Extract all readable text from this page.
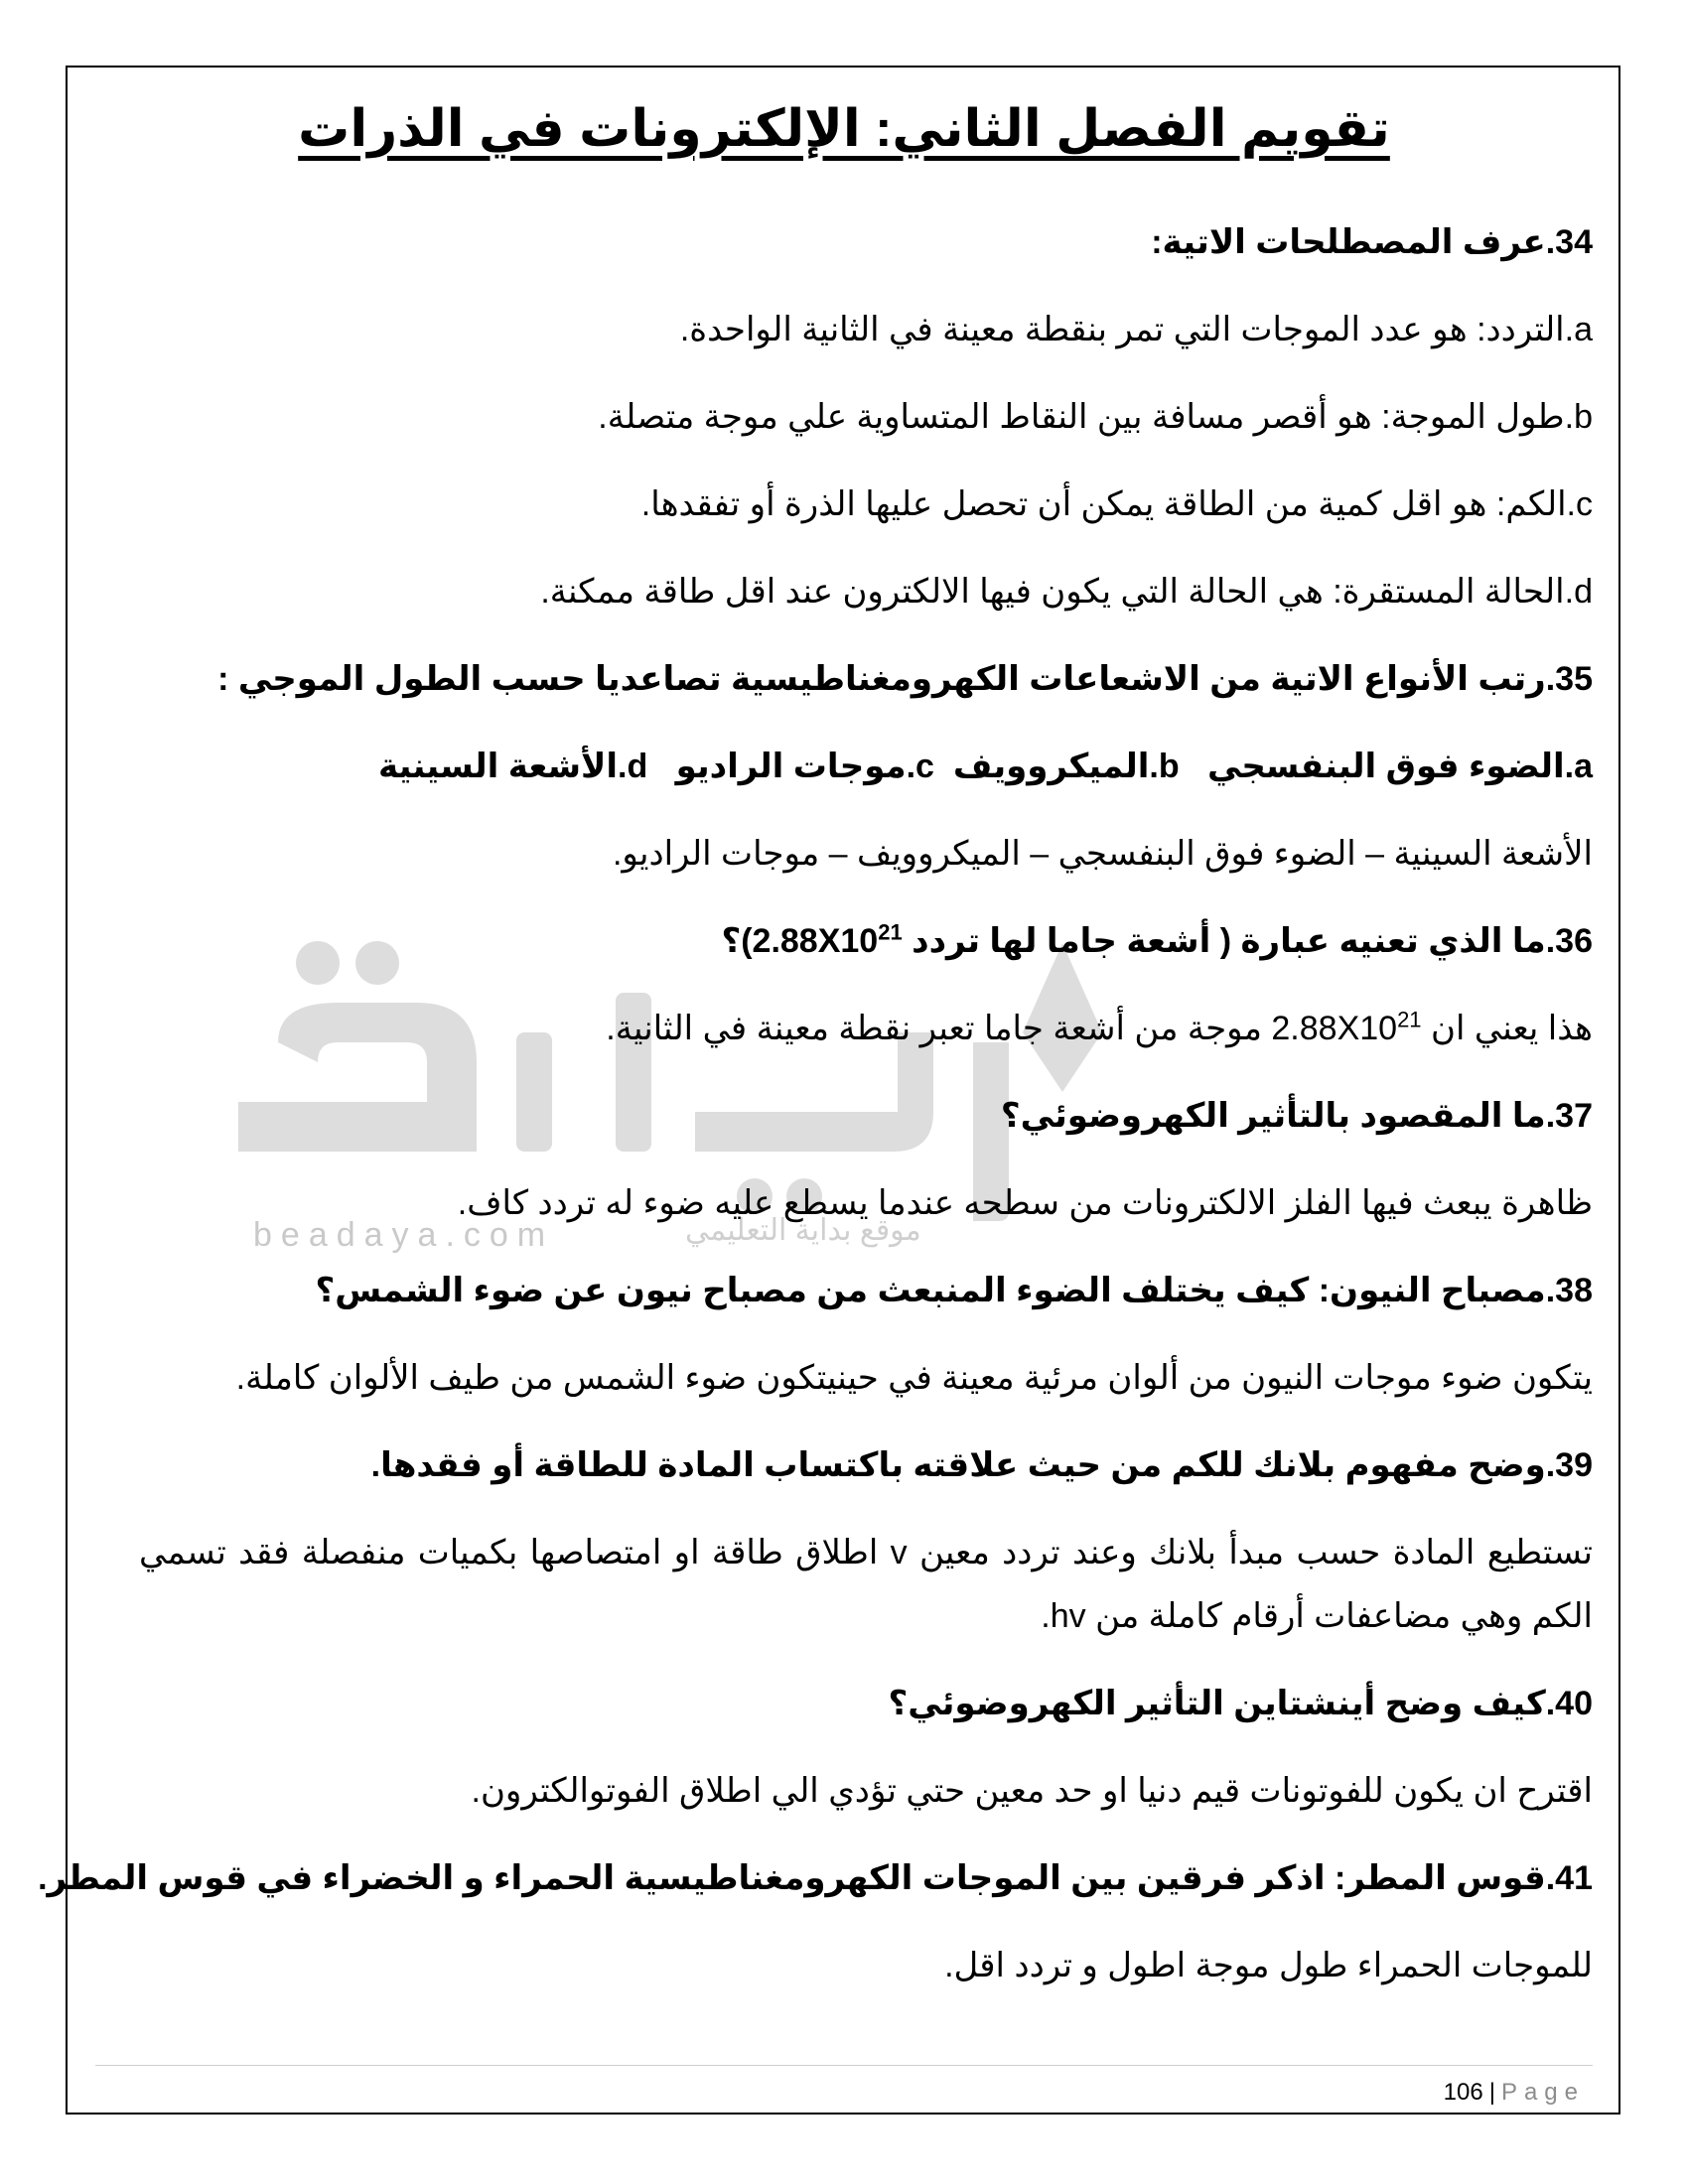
beadaya.com	موقع بداية التعليمي
تقويم الفصل الثاني: الإلكترونات في الذرات
34.عرف المصطلحات الاتية:
a.التردد: هو عدد الموجات التي تمر بنقطة معينة في الثانية الواحدة.
b.طول الموجة: هو أقصر مسافة بين النقاط المتساوية علي موجة متصلة.
c.الكم: هو اقل كمية من الطاقة يمكن أن تحصل عليها الذرة أو تفقدها.
d.الحالة المستقرة: هي الحالة التي يكون فيها الالكترون عند اقل طاقة ممكنة.
35.رتب الأنواع الاتية من الاشعاعات الكهرومغناطيسية تصاعديا حسب الطول الموجي :
a.الضوء فوق البنفسجي   b.الميكروويف  c.موجات الراديو   d.الأشعة السينية
الأشعة السينية – الضوء فوق البنفسجي – الميكروويف – موجات الراديو.
36.ما الذي تعنيه عبارة ( أشعة جاما لها تردد $2.88X10^{21})؟$
هذا يعني ان $2.88X10^{21}$ موجة من أشعة جاما تعبر نقطة معينة في الثانية.
37.ما المقصود بالتأثير الكهروضوئي؟
ظاهرة يبعث فيها الفلز الالكترونات من سطحه عندما يسطع عليه ضوء له تردد كاف.
38.مصباح النيون: كيف يختلف الضوء المنبعث من مصباح نيون عن ضوء الشمس؟
يتكون ضوء موجات النيون من ألوان مرئية معينة في حينيتكون ضوء الشمس من طيف الألوان كاملة.
39.وضح مفهوم بلانك للكم من حيث علاقته باكتساب المادة للطاقة أو فقدها.
تستطيع المادة حسب مبدأ بلانك وعند تردد معين v اطلاق طاقة او امتصاصها بكميات منفصلة فقد تسمي الكم وهي مضاعفات أرقام كاملة من hv.
40.كيف وضح أينشتاين التأثير الكهروضوئي؟
اقترح ان يكون للفوتونات قيم دنيا او حد معين حتي تؤدي الي اطلاق الفوتوالكترون.
41.قوس المطر: اذكر فرقين بين الموجات الكهرومغناطيسية الحمراء و الخضراء في قوس المطر.
للموجات الحمراء طول موجة اطول و تردد اقل.
106 | Page
